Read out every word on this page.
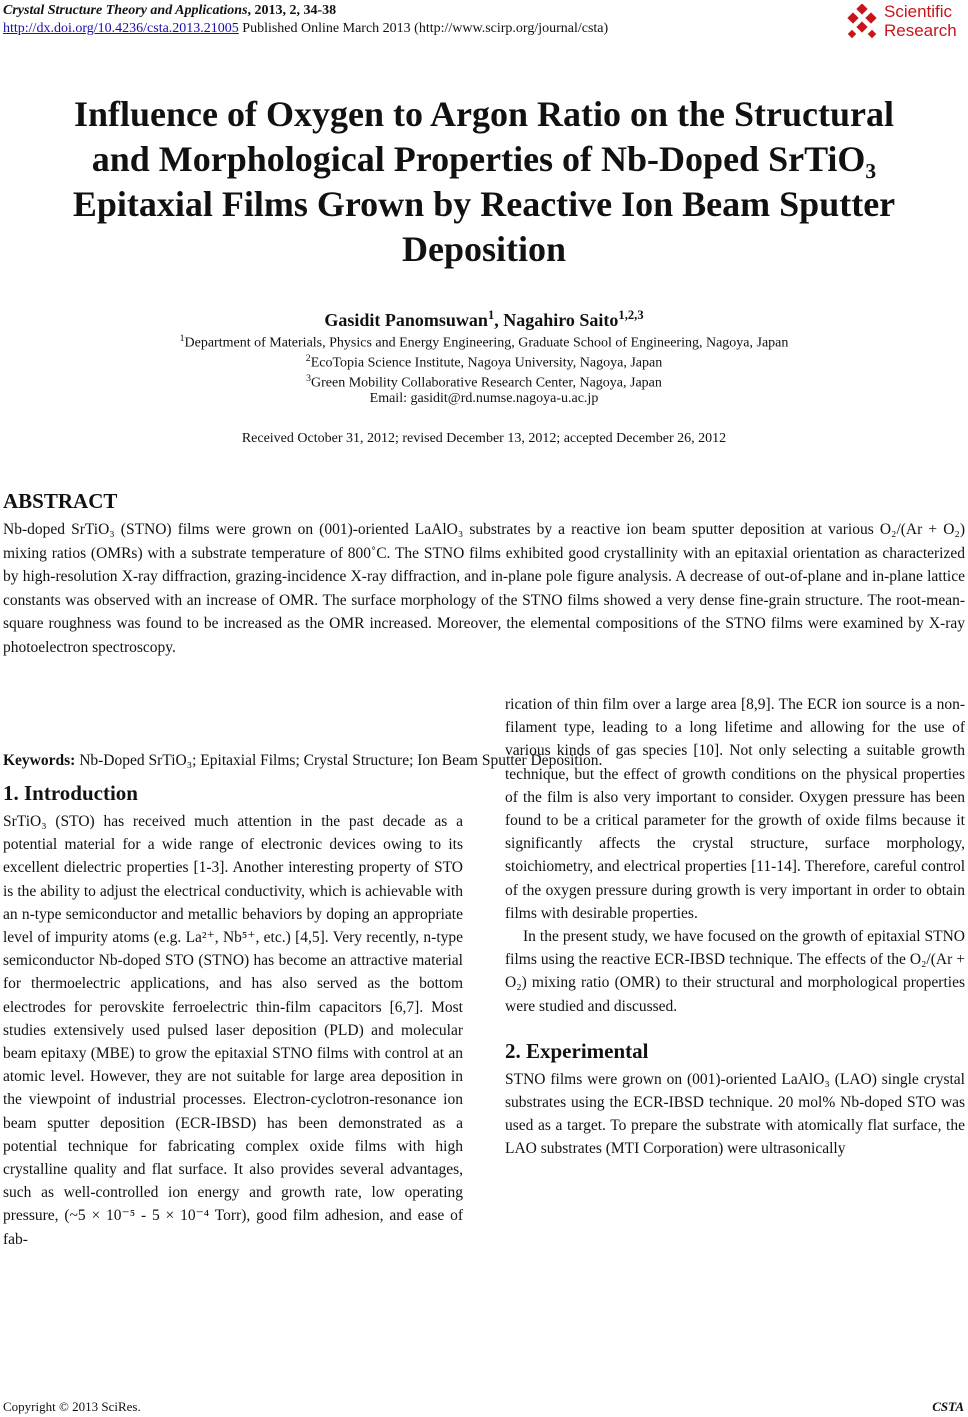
Crystal Structure Theory and Applications, 2013, 2, 34-38
http://dx.doi.org/10.4236/csta.2013.21005 Published Online March 2013 (http://www.scirp.org/journal/csta)
Scientific
Research
Influence of Oxygen to Argon Ratio on the Structural
and Morphological Properties of Nb-Doped SrTiO₃
Epitaxial Films Grown by Reactive Ion Beam Sputter
Deposition
Gasidit Panomsuwan$^1$, Nagahiro Saito$^{1,2,3}$
$^1$Department of Materials, Physics and Energy Engineering, Graduate School of Engineering, Nagoya, Japan
$^2$EcoTopia Science Institute, Nagoya University, Nagoya, Japan
$^3$Green Mobility Collaborative Research Center, Nagoya, Japan
Email: gasidit@rd.numse.nagoya-u.ac.jp
Received October 31, 2012; revised December 13, 2012; accepted December 26, 2012
ABSTRACT
Nb-doped SrTiO₃ (STNO) films were grown on (001)-oriented LaAlO₃ substrates by a reactive ion beam sputter deposition at various O₂/(Ar + O₂) mixing ratios (OMRs) with a substrate temperature of 800˚C. The STNO films exhibited good crystallinity with an epitaxial orientation as characterized by high-resolution X-ray diffraction, grazing-incidence X-ray diffraction, and in-plane pole figure analysis. A decrease of out-of-plane and in-plane lattice constants was observed with an increase of OMR. The surface morphology of the STNO films showed a very dense fine-grain structure. The root-mean-square roughness was found to be increased as the OMR increased. Moreover, the elemental compositions of the STNO films were examined by X-ray photoelectron spectroscopy.
Keywords: Nb-Doped SrTiO₃; Epitaxial Films; Crystal Structure; Ion Beam Sputter Deposition.
1. Introduction

SrTiO₃ (STO) has received much attention in the past decade as a potential material for a wide range of electronic devices owing to its excellent dielectric properties [1-3]. Another interesting property of STO is the ability to adjust the electrical conductivity, which is achievable with an n-type semiconductor and metallic behaviors by doping an appropriate level of impurity atoms (e.g. La²⁺, Nb⁵⁺, etc.) [4,5]. Very recently, n-type semiconductor Nb-doped STO (STNO) has become an attractive material for thermoelectric applications, and has also served as the bottom electrodes for perovskite ferroelectric thin-film capacitors [6,7]. Most studies extensively used pulsed laser deposition (PLD) and molecular beam epitaxy (MBE) to grow the epitaxial STNO films with control at an atomic level. However, they are not suitable for large area deposition in the viewpoint of industrial processes. Electron-cyclotron-resonance ion beam sputter deposition (ECR-IBSD) has been demonstrated as a potential technique for fabricating complex oxide films with high crystalline quality and flat surface. It also provides several advantages, such as well-controlled ion energy and growth rate, low operating pressure, (~5 × 10⁻⁵ - 5 × 10⁻⁴ Torr), good film adhesion, and ease of fab-

rication of thin film over a large area [8,9]. The ECR ion source is a non-filament type, leading to a long lifetime and allowing for the use of various kinds of gas species [10]. Not only selecting a suitable growth technique, but the effect of growth conditions on the physical properties of the film is also very important to consider. Oxygen pressure has been found to be a critical parameter for the growth of oxide films because it significantly affects the crystal structure, surface morphology, stoichiometry, and electrical properties [11-14]. Therefore, careful control of the oxygen pressure during growth is very important in order to obtain films with desirable properties.

In the present study, we have focused on the growth of epitaxial STNO films using the reactive ECR-IBSD technique. The effects of the O₂/(Ar + O₂) mixing ratio (OMR) to their structural and morphological properties were studied and discussed.

2. Experimental

STNO films were grown on (001)-oriented LaAlO₃ (LAO) single crystal substrates using the ECR-IBSD technique. 20 mol% Nb-doped STO was used as a target. To prepare the substrate with atomically flat surface, the LAO substrates (MTI Corporation) were ultrasonically

Copyright © 2013 SciRes.	CSTA
